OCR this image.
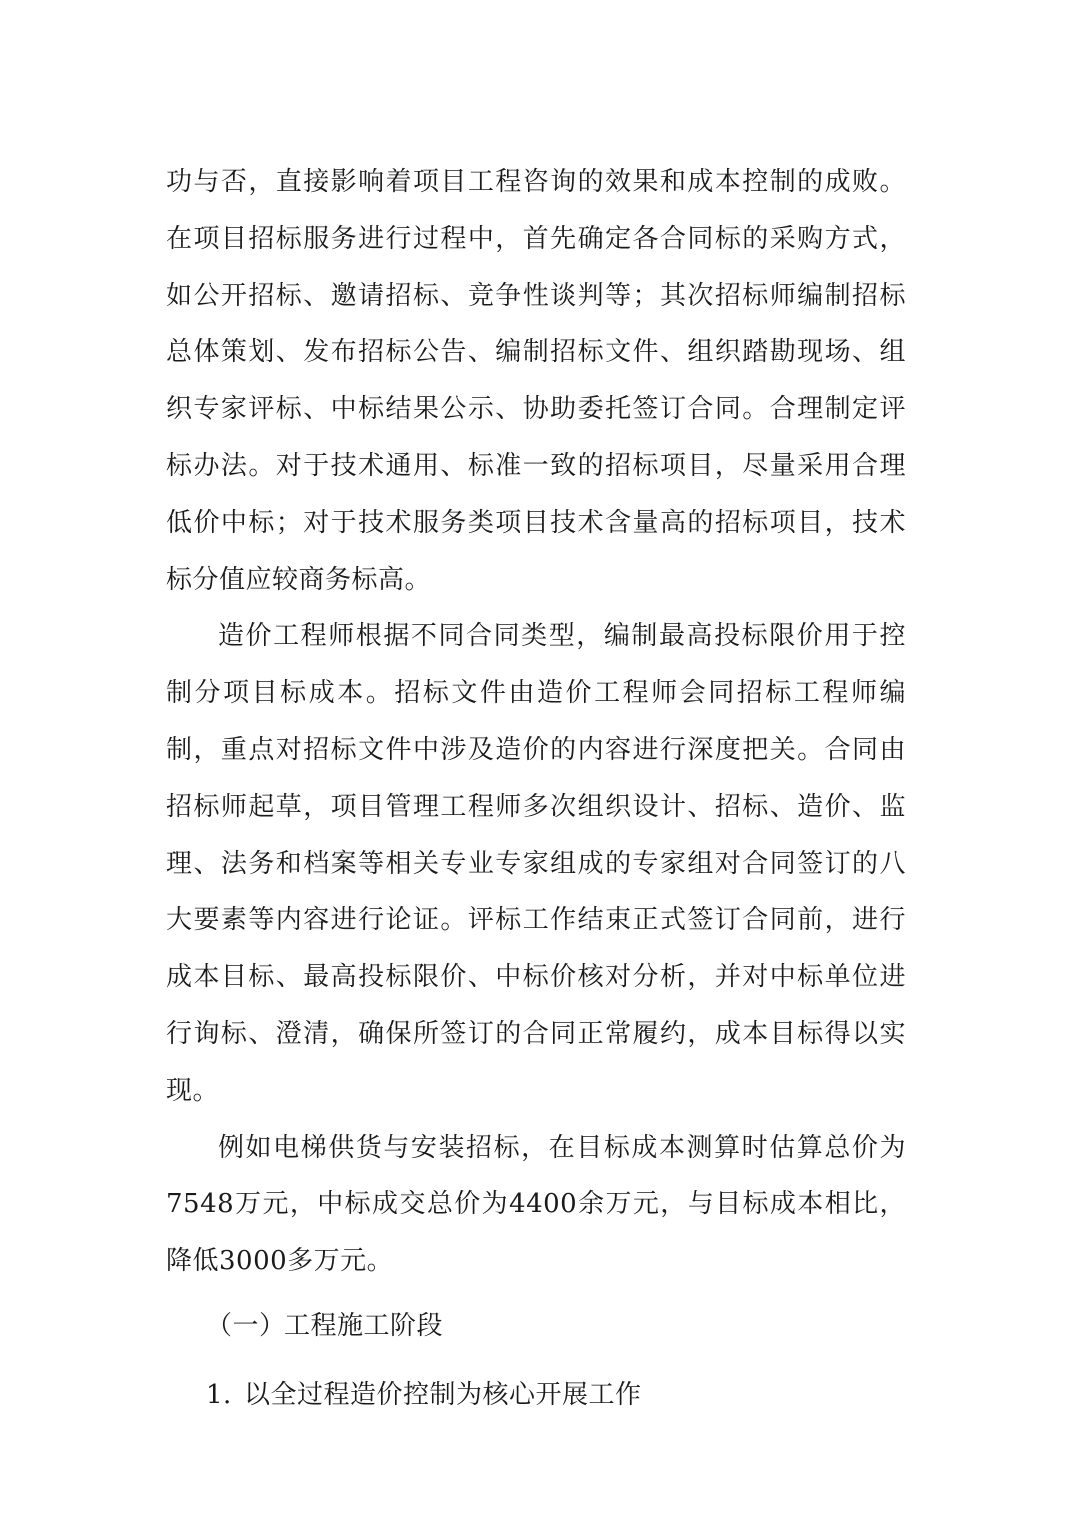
功与否，直接影响着项目工程咨询的效果和成本控制的成败。在项目招标服务进行过程中，首先确定各合同标的采购方式，如公开招标、邀请招标、竞争性谈判等；其次招标师编制招标总体策划、发布招标公告、编制招标文件、组织踏勘现场、组织专家评标、中标结果公示、协助委托签订合同。合理制定评标办法。对于技术通用、标准一致的招标项目，尽量采用合理低价中标；对于技术服务类项目技术含量高的招标项目，技术标分值应较商务标高。

造价工程师根据不同合同类型，编制最高投标限价用于控制分项目标成本。招标文件由造价工程师会同招标工程师编制，重点对招标文件中涉及造价的内容进行深度把关。合同由招标师起草，项目管理工程师多次组织设计、招标、造价、监理、法务和档案等相关专业专家组成的专家组对合同签订的八大要素等内容进行论证。评标工作结束正式签订合同前，进行成本目标、最高投标限价、中标价核对分析，并对中标单位进行询标、澄清，确保所签订的合同正常履约，成本目标得以实现。

例如电梯供货与安装招标，在目标成本测算时估算总价为7548万元，中标成交总价为4400余万元，与目标成本相比，降低3000多万元。

（一）工程施工阶段
1. 以全过程造价控制为核心开展工作
